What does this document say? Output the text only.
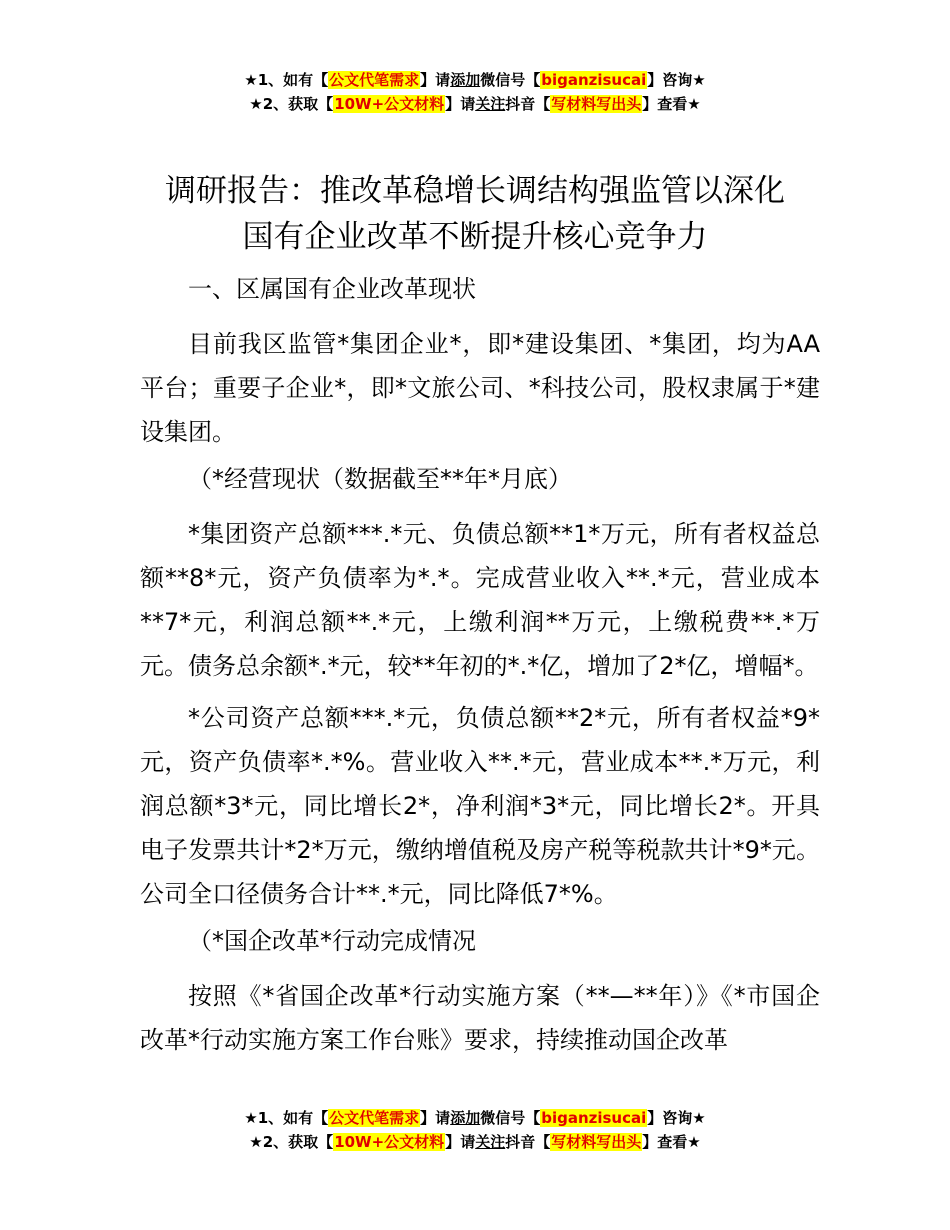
★1、如有【公文代笔需求】请添加微信号【biganzisucai】咨询★
★2、获取【10W+公文材料】请关注抖音【写材料写出头】查看★
调研报告：推改革稳增长调结构强监管以深化
国有企业改革不断提升核心竞争力
一、区属国有企业改革现状
目前我区监管*集团企业*，即*建设集团、*集团，均为AA平台；重要子企业*，即*文旅公司、*科技公司，股权隶属于*建设集团。
（*经营现状（数据截至**年*月底）
*集团资产总额***.*元、负债总额**1*万元，所有者权益总额**8*元，资产负债率为*.*。完成营业收入**.*元，营业成本**7*元，利润总额**.*元，上缴利润**万元，上缴税费**.*万元。债务总余额*.*元，较**年初的*.*亿，增加了2*亿，增幅*。
*公司资产总额***.*元，负债总额**2*元，所有者权益*9*元，资产负债率*.*%。营业收入**.*元，营业成本**.*万元，利润总额*3*元，同比增长2*，净利润*3*元，同比增长2*。开具电子发票共计*2*万元，缴纳增值税及房产税等税款共计*9*元。公司全口径债务合计**.*元，同比降低7*%。
（*国企改革*行动完成情况
按照《*省国企改革*行动实施方案（**—**年）》《*市国企改革*行动实施方案工作台账》要求，持续推动国企改革
★1、如有【公文代笔需求】请添加微信号【biganzisucai】咨询★
★2、获取【10W+公文材料】请关注抖音【写材料写出头】查看★
